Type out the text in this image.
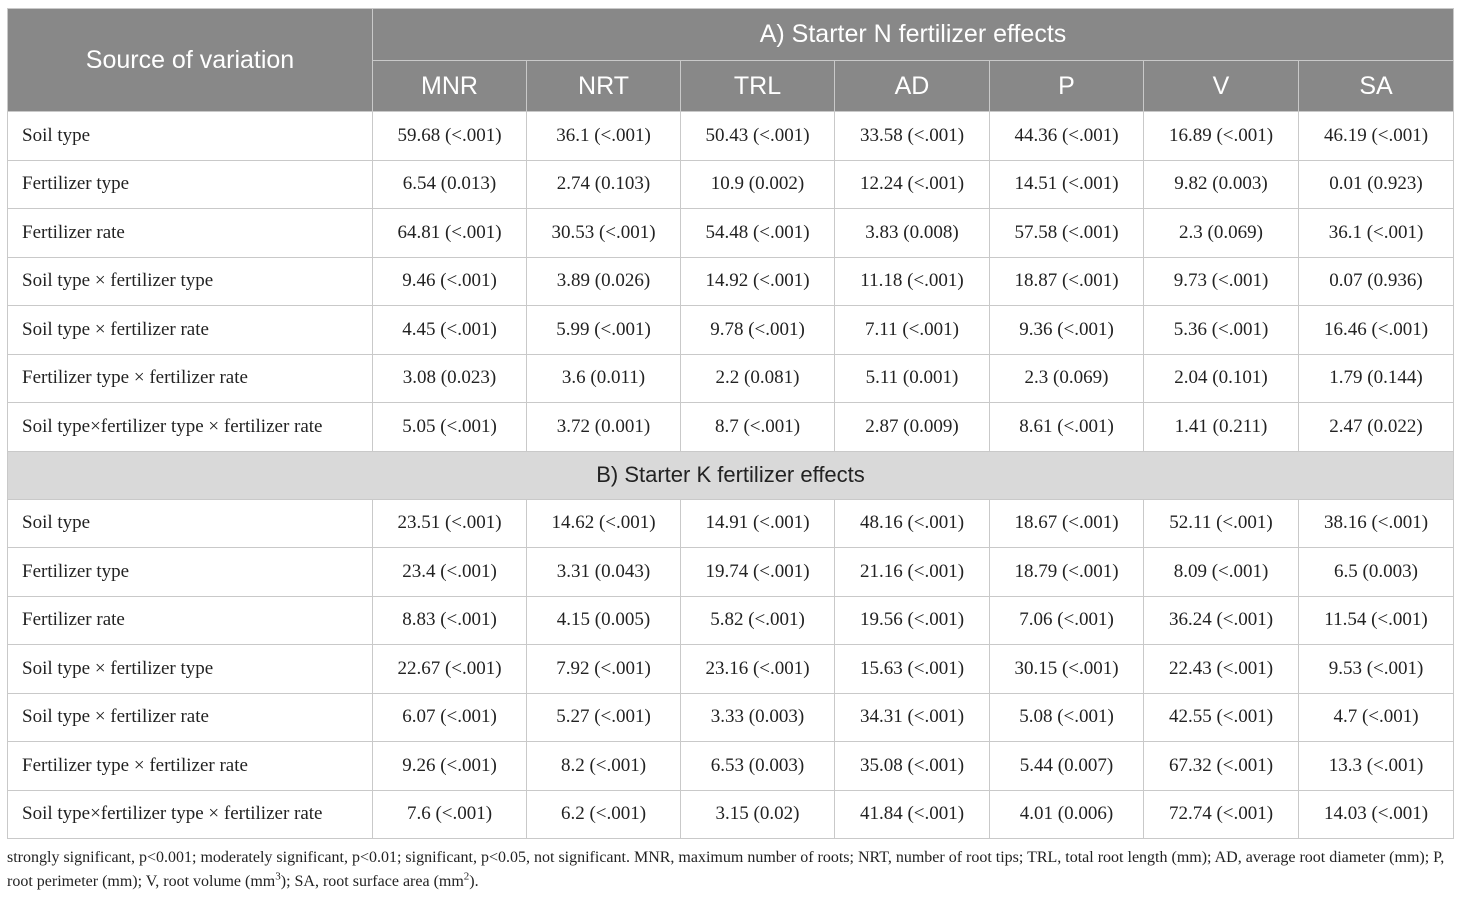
Source of variation	A) Starter N fertilizer effects						
	MNR	NRT	TRL	AD	P	V	SA
Soil type	59.68 (<.001)	36.1 (<.001)	50.43 (<.001)	33.58 (<.001)	44.36 (<.001)	16.89 (<.001)	46.19 (<.001)
Fertilizer type	6.54 (0.013)	2.74 (0.103)	10.9 (0.002)	12.24 (<.001)	14.51 (<.001)	9.82 (0.003)	0.01 (0.923)
Fertilizer rate	64.81 (<.001)	30.53 (<.001)	54.48 (<.001)	3.83 (0.008)	57.58 (<.001)	2.3 (0.069)	36.1 (<.001)
Soil type × fertilizer type	9.46 (<.001)	3.89 (0.026)	14.92 (<.001)	11.18 (<.001)	18.87 (<.001)	9.73 (<.001)	0.07 (0.936)
Soil type × fertilizer rate	4.45 (<.001)	5.99 (<.001)	9.78 (<.001)	7.11 (<.001)	9.36 (<.001)	5.36 (<.001)	16.46 (<.001)
Fertilizer type × fertilizer rate	3.08 (0.023)	3.6 (0.011)	2.2 (0.081)	5.11 (0.001)	2.3 (0.069)	2.04 (0.101)	1.79 (0.144)
Soil type×fertilizer type × fertilizer rate	5.05 (<.001)	3.72 (0.001)	8.7 (<.001)	2.87 (0.009)	8.61 (<.001)	1.41 (0.211)	2.47 (0.022)
B) Starter K fertilizer effects							
Soil type	23.51 (<.001)	14.62 (<.001)	14.91 (<.001)	48.16 (<.001)	18.67 (<.001)	52.11 (<.001)	38.16 (<.001)
Fertilizer type	23.4 (<.001)	3.31 (0.043)	19.74 (<.001)	21.16 (<.001)	18.79 (<.001)	8.09 (<.001)	6.5 (0.003)
Fertilizer rate	8.83 (<.001)	4.15 (0.005)	5.82 (<.001)	19.56 (<.001)	7.06 (<.001)	36.24 (<.001)	11.54 (<.001)
Soil type × fertilizer type	22.67 (<.001)	7.92 (<.001)	23.16 (<.001)	15.63 (<.001)	30.15 (<.001)	22.43 (<.001)	9.53 (<.001)
Soil type × fertilizer rate	6.07 (<.001)	5.27 (<.001)	3.33 (0.003)	34.31 (<.001)	5.08 (<.001)	42.55 (<.001)	4.7 (<.001)
Fertilizer type × fertilizer rate	9.26 (<.001)	8.2 (<.001)	6.53 (0.003)	35.08 (<.001)	5.44 (0.007)	67.32 (<.001)	13.3 (<.001)
Soil type×fertilizer type × fertilizer rate	7.6 (<.001)	6.2 (<.001)	3.15 (0.02)	41.84 (<.001)	4.01 (0.006)	72.74 (<.001)	14.03 (<.001)
strongly significant, p<0.001; moderately significant, p<0.01; significant, p<0.05, not significant. MNR, maximum number of roots; NRT, number of root tips; TRL, total root length (mm); AD, average root diameter (mm); P, root perimeter (mm); V, root volume $(mm^3)$; SA, root surface area $(mm^2)$.
